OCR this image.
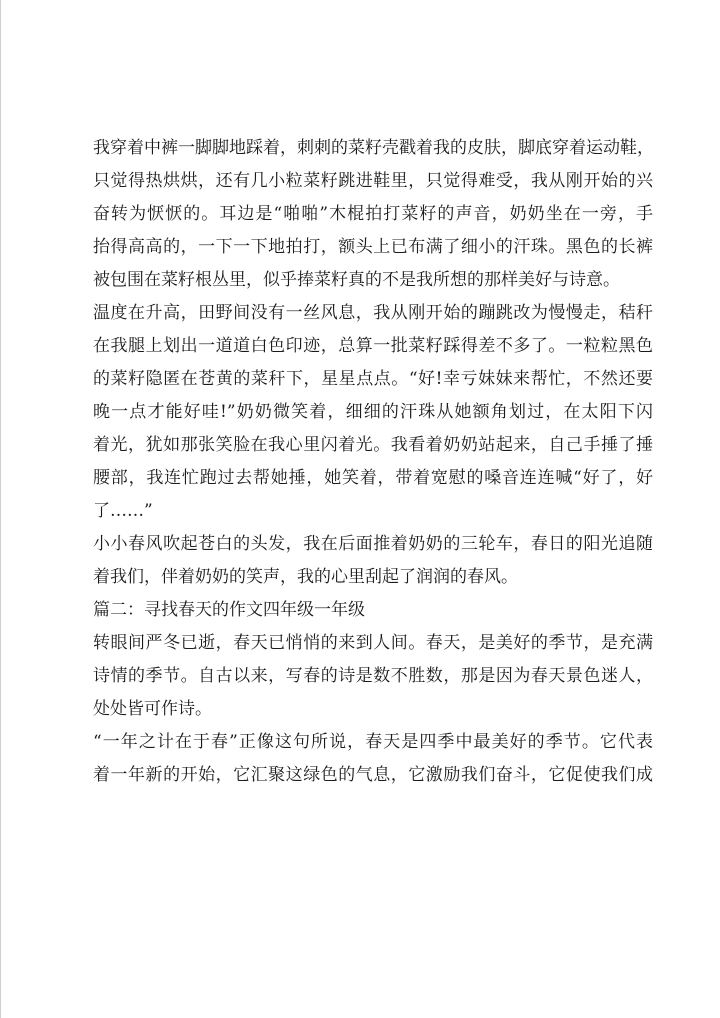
我穿着中裤一脚脚地踩着，刺刺的菜籽壳戳着我的皮肤，脚底穿着运动鞋，
只觉得热烘烘，还有几小粒菜籽跳进鞋里，只觉得难受，我从刚开始的兴
奋转为恹恹的。耳边是“啪啪”木棍拍打菜籽的声音，奶奶坐在一旁，手
抬得高高的，一下一下地拍打，额头上已布满了细小的汗珠。黑色的长裤
被包围在菜籽根丛里，似乎捧菜籽真的不是我所想的那样美好与诗意。
温度在升高，田野间没有一丝风息，我从刚开始的蹦跳改为慢慢走，秸秆
在我腿上划出一道道白色印迹，总算一批菜籽踩得差不多了。一粒粒黑色
的菜籽隐匿在苍黄的菜秆下，星星点点。“好!幸亏妹妹来帮忙，不然还要
晚一点才能好哇!”奶奶微笑着，细细的汗珠从她额角划过，在太阳下闪
着光，犹如那张笑脸在我心里闪着光。我看着奶奶站起来，自己手捶了捶
腰部，我连忙跑过去帮她捶，她笑着，带着宽慰的嗓音连连喊“好了，好
了……”
小小春风吹起苍白的头发，我在后面推着奶奶的三轮车，春日的阳光追随
着我们，伴着奶奶的笑声，我的心里刮起了润润的春风。
篇二：寻找春天的作文四年级一年级
转眼间严冬已逝，春天已悄悄的来到人间。春天，是美好的季节，是充满
诗情的季节。自古以来，写春的诗是数不胜数，那是因为春天景色迷人，
处处皆可作诗。
“一年之计在于春”正像这句所说，春天是四季中最美好的季节。它代表
着一年新的开始，它汇聚这绿色的气息，它激励我们奋斗，它促使我们成
